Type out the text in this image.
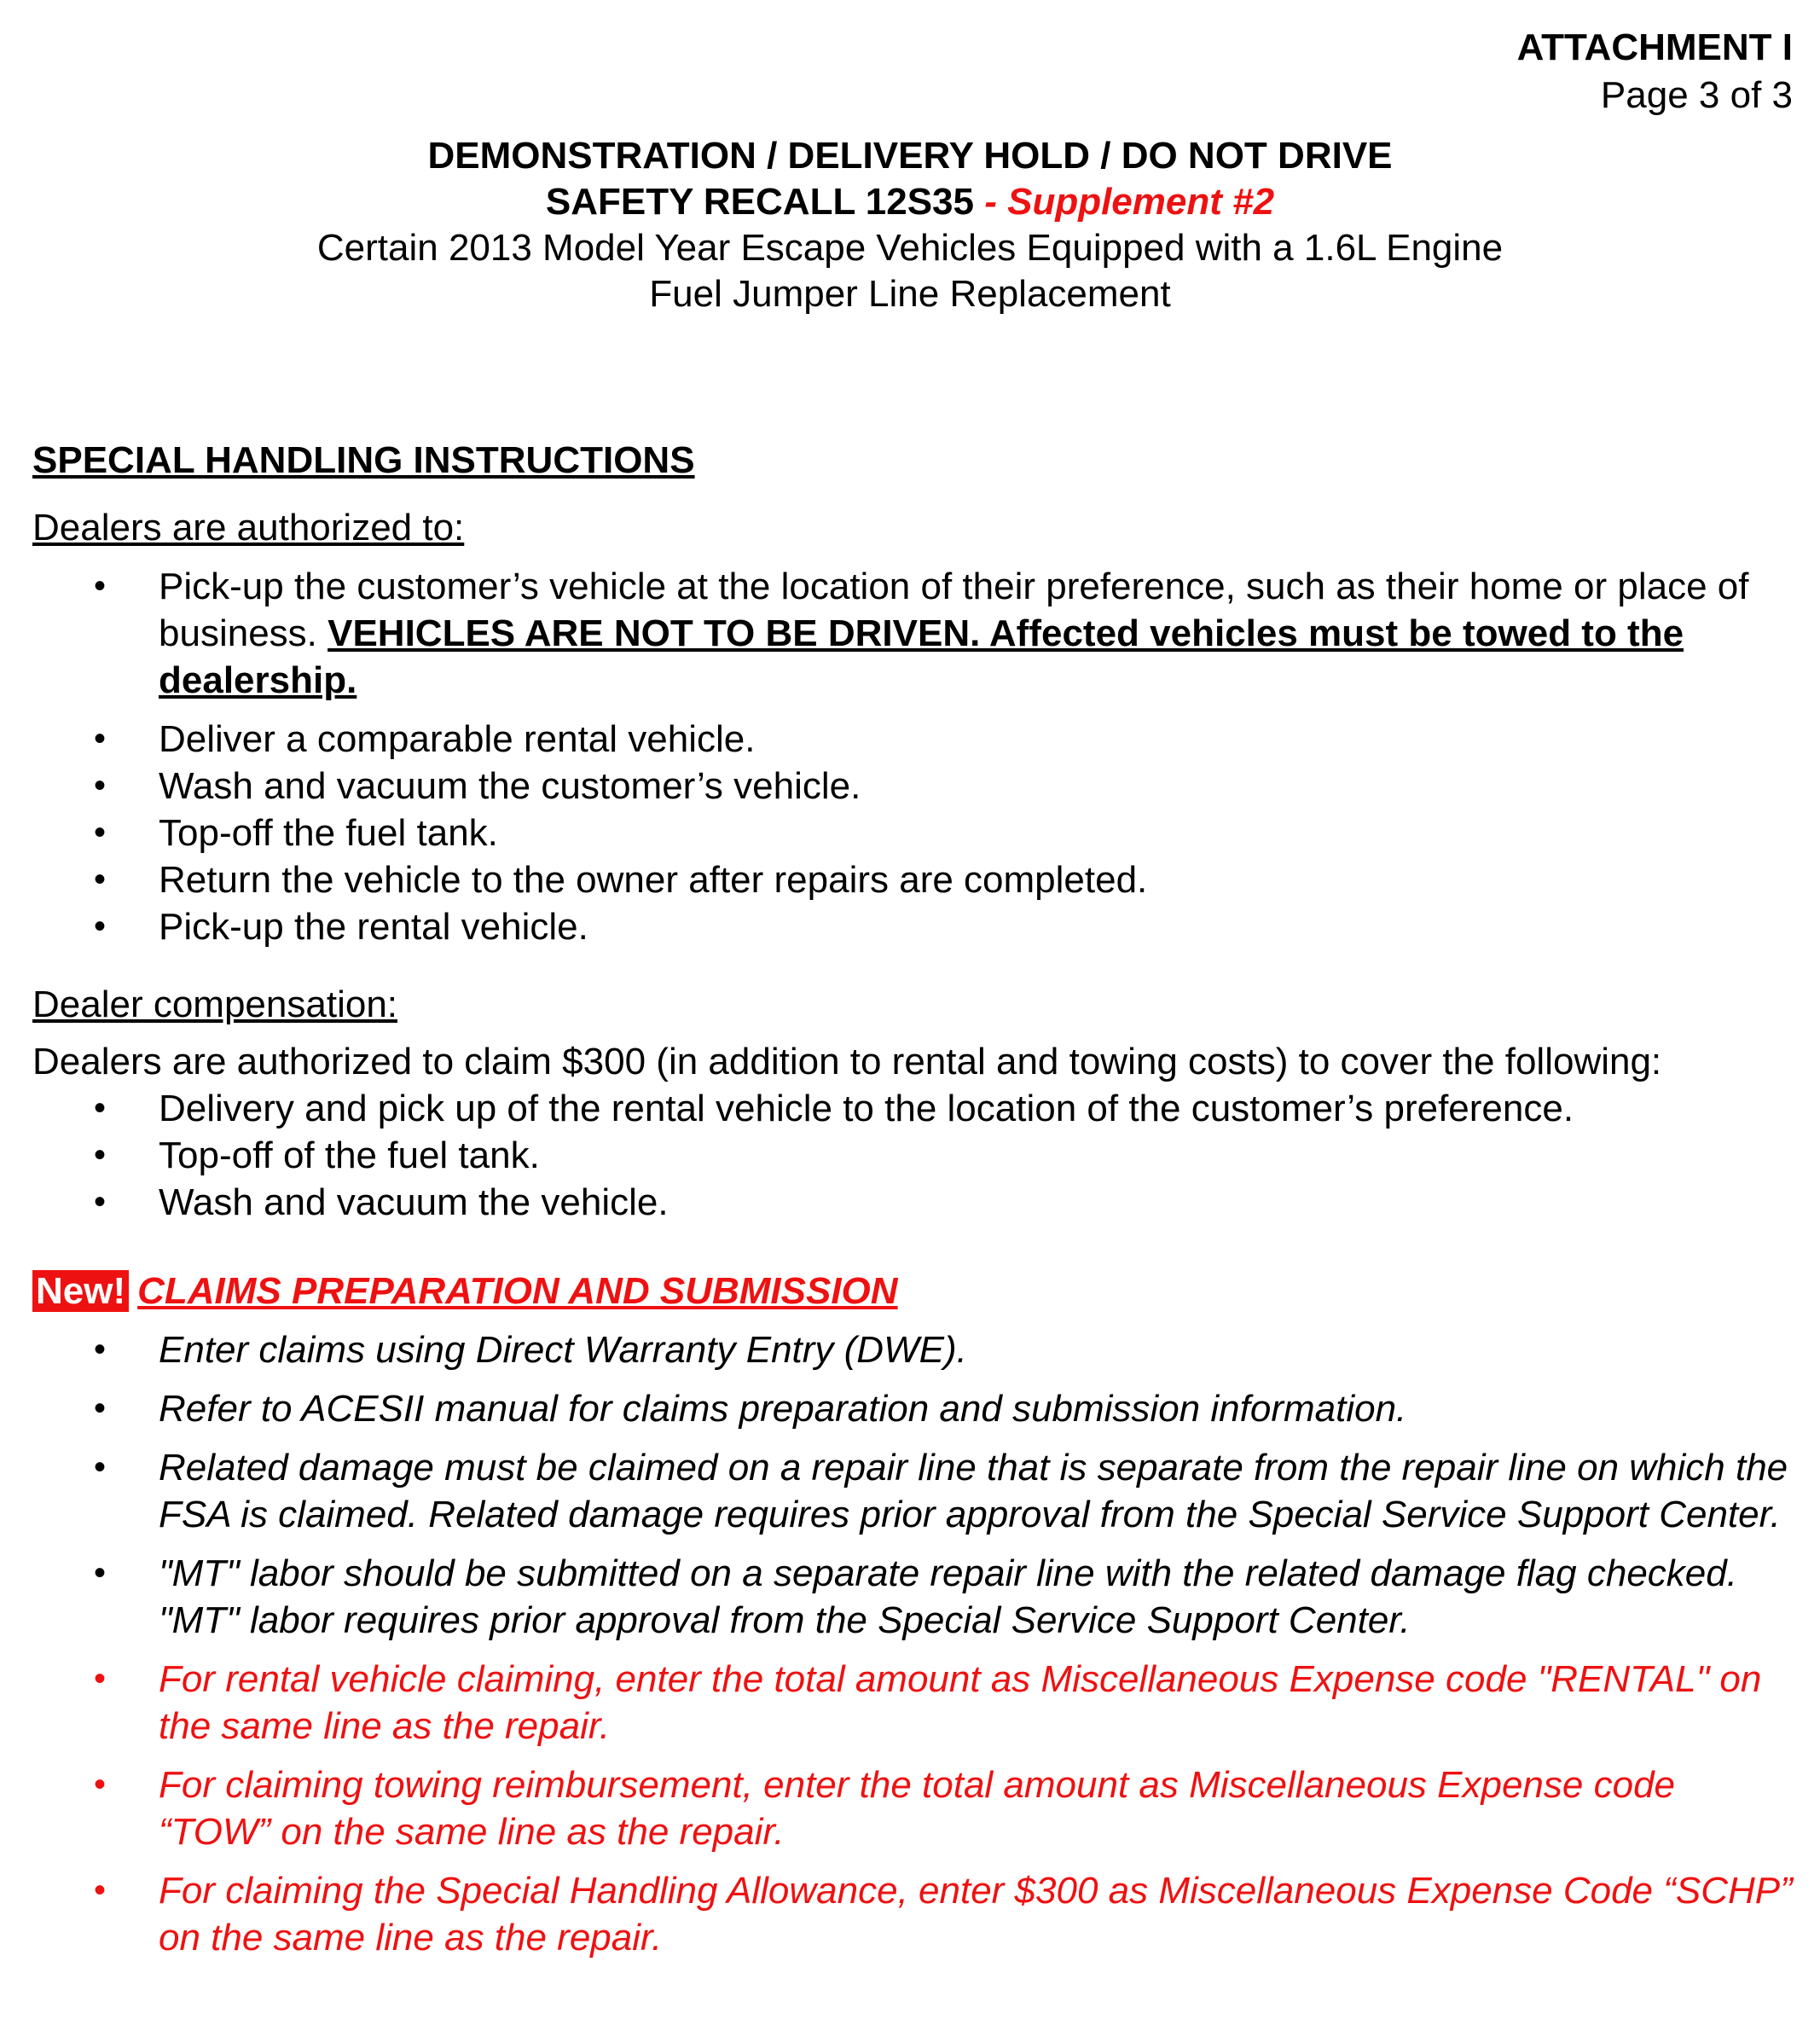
ATTACHMENT I
Page 3 of 3
DEMONSTRATION / DELIVERY HOLD / DO NOT DRIVE
SAFETY RECALL 12S35 - Supplement #2
Certain 2013 Model Year Escape Vehicles Equipped with a 1.6L Engine
Fuel Jumper Line Replacement
SPECIAL HANDLING INSTRUCTIONS
Dealers are authorized to:
• Pick-up the customer’s vehicle at the location of their preference, such as their home or place of business. VEHICLES ARE NOT TO BE DRIVEN. Affected vehicles must be towed to the dealership.
• Deliver a comparable rental vehicle.
• Wash and vacuum the customer’s vehicle.
• Top-off the fuel tank.
• Return the vehicle to the owner after repairs are completed.
• Pick-up the rental vehicle.
Dealer compensation:
Dealers are authorized to claim $300 (in addition to rental and towing costs) to cover the following:
• Delivery and pick up of the rental vehicle to the location of the customer’s preference.
• Top-off of the fuel tank.
• Wash and vacuum the vehicle.
New! CLAIMS PREPARATION AND SUBMISSION
• Enter claims using Direct Warranty Entry (DWE).
• Refer to ACESII manual for claims preparation and submission information.
• Related damage must be claimed on a repair line that is separate from the repair line on which the FSA is claimed. Related damage requires prior approval from the Special Service Support Center.
• "MT" labor should be submitted on a separate repair line with the related damage flag checked. "MT" labor requires prior approval from the Special Service Support Center.
• For rental vehicle claiming, enter the total amount as Miscellaneous Expense code "RENTAL" on the same line as the repair.
• For claiming towing reimbursement, enter the total amount as Miscellaneous Expense code “TOW” on the same line as the repair.
• For claiming the Special Handling Allowance, enter $300 as Miscellaneous Expense Code “SCHP” on the same line as the repair.
